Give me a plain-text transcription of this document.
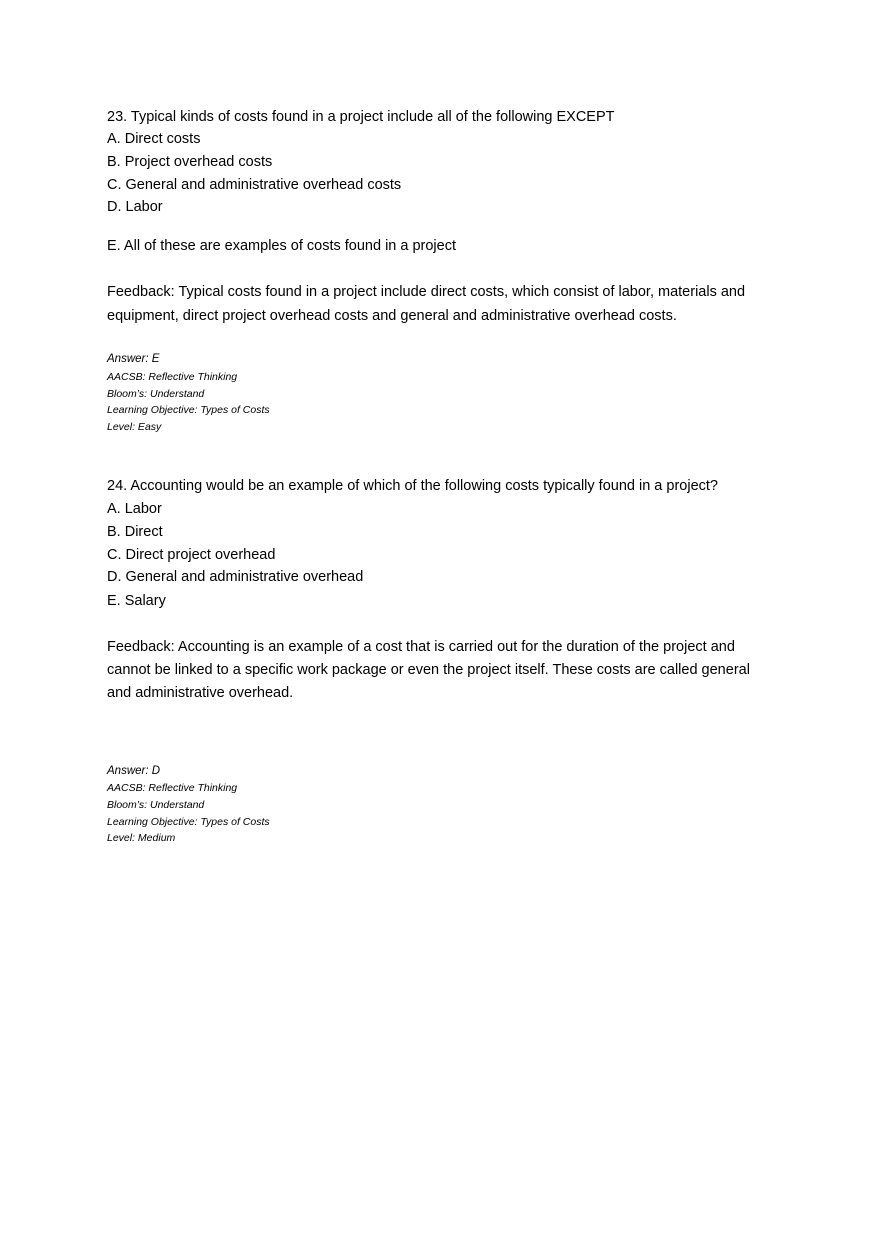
23. Typical kinds of costs found in a project include all of the following EXCEPT
A. Direct costs
B. Project overhead costs
C. General and administrative overhead costs
D. Labor
E. All of these are examples of costs found in a project
Feedback: Typical costs found in a project include direct costs, which consist of labor, materials and
equipment, direct project overhead costs and general and administrative overhead costs.
Answer: E
AACSB: Reflective Thinking
Bloom’s: Understand
Learning Objective: Types of Costs
Level: Easy
24. Accounting would be an example of which of the following costs typically found in a project?
A. Labor
B. Direct
C. Direct project overhead
D. General and administrative overhead
E. Salary
Feedback: Accounting is an example of a cost that is carried out for the duration of the project and
cannot be linked to a specific work package or even the project itself. These costs are called general
and administrative overhead.
Answer: D
AACSB: Reflective Thinking
Bloom’s: Understand
Learning Objective: Types of Costs
Level: Medium
